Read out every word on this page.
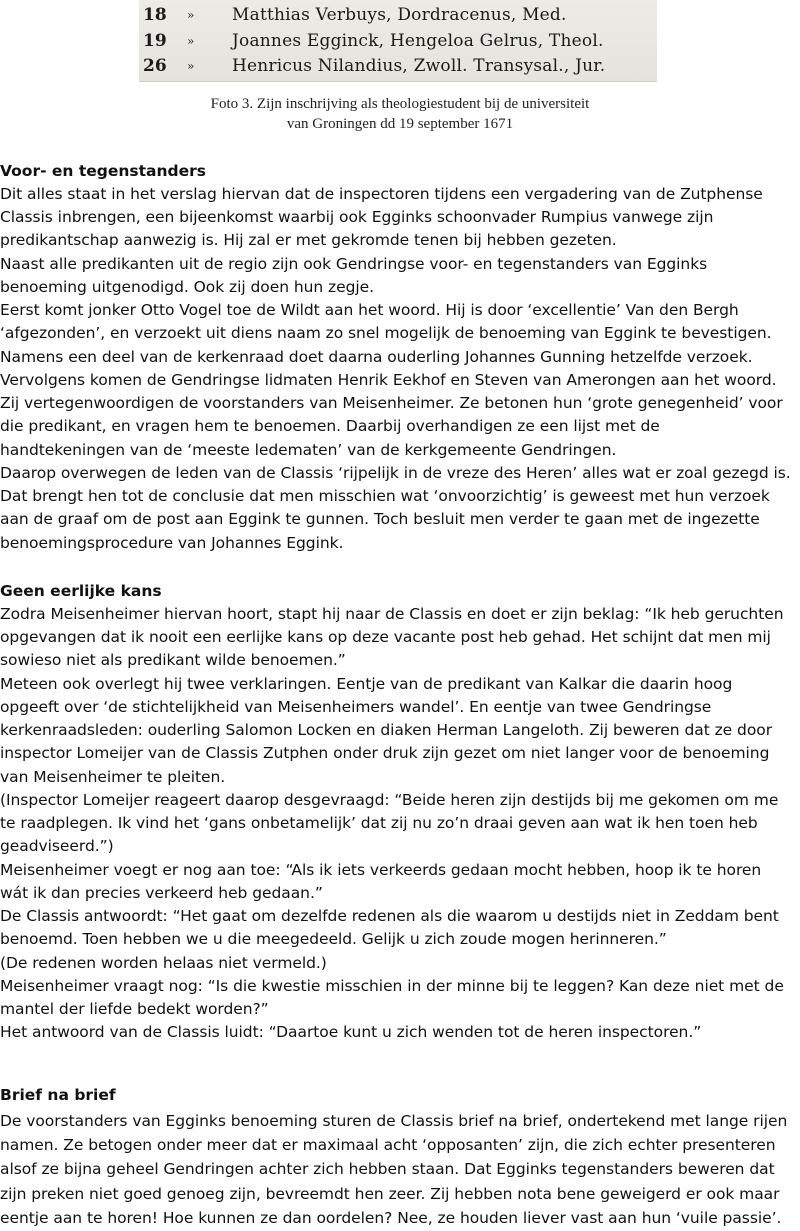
18 » Matthias Verbuys, Dordracenus, Med.
19 » Joannes Egginck, Hengeloa Gelrus, Theol.
26 » Henricus Nilandius, Zwoll. Transysal., Jur.
Foto 3. Zijn inschrijving als theologiestudent bij de universiteit
van Groningen dd 19 september 1671
Voor- en tegenstanders
Dit alles staat in het verslag hiervan dat de inspectoren tijdens een vergadering van de Zutphense
Classis inbrengen, een bijeenkomst waarbij ook Egginks schoonvader Rumpius vanwege zijn
predikantschap aanwezig is. Hij zal er met gekromde tenen bij hebben gezeten.
Naast alle predikanten uit de regio zijn ook Gendringse voor- en tegenstanders van Egginks
benoeming uitgenodigd. Ook zij doen hun zegje.
Eerst komt jonker Otto Vogel toe de Wildt aan het woord. Hij is door ‘excellentie’ Van den Bergh
‘afgezonden’, en verzoekt uit diens naam zo snel mogelijk de benoeming van Eggink te bevestigen.
Namens een deel van de kerkenraad doet daarna ouderling Johannes Gunning hetzelfde verzoek.
Vervolgens komen de Gendringse lidmaten Henrik Eekhof en Steven van Amerongen aan het woord.
Zij vertegenwoordigen de voorstanders van Meisenheimer. Ze betonen hun ‘grote genegenheid’ voor
die predikant, en vragen hem te benoemen. Daarbij overhandigen ze een lijst met de
handtekeningen van de ‘meeste ledematen’ van de kerkgemeente Gendringen.
Daarop overwegen de leden van de Classis ‘rijpelijk in de vreze des Heren’ alles wat er zoal gezegd is.
Dat brengt hen tot de conclusie dat men misschien wat ‘onvoorzichtig’ is geweest met hun verzoek
aan de graaf om de post aan Eggink te gunnen. Toch besluit men verder te gaan met de ingezette
benoemingsprocedure van Johannes Eggink.
Geen eerlijke kans
Zodra Meisenheimer hiervan hoort, stapt hij naar de Classis en doet er zijn beklag: “Ik heb geruchten
opgevangen dat ik nooit een eerlijke kans op deze vacante post heb gehad. Het schijnt dat men mij
sowieso niet als predikant wilde benoemen.”
Meteen ook overlegt hij twee verklaringen. Eentje van de predikant van Kalkar die daarin hoog
opgeeft over ‘de stichtelijkheid van Meisenheimers wandel’. En eentje van twee Gendringse
kerkenraadsleden: ouderling Salomon Locken en diaken Herman Langeloth. Zij beweren dat ze door
inspector Lomeijer van de Classis Zutphen onder druk zijn gezet om niet langer voor de benoeming
van Meisenheimer te pleiten.
(Inspector Lomeijer reageert daarop desgevraagd: “Beide heren zijn destijds bij me gekomen om me
te raadplegen. Ik vind het ‘gans onbetamelijk’ dat zij nu zo’n draai geven aan wat ik hen toen heb
geadviseerd.”)
Meisenheimer voegt er nog aan toe: “Als ik iets verkeerds gedaan mocht hebben, hoop ik te horen
wát ik dan precies verkeerd heb gedaan.”
De Classis antwoordt: “Het gaat om dezelfde redenen als die waarom u destijds niet in Zeddam bent
benoemd. Toen hebben we u die meegedeeld. Gelijk u zich zoude mogen herinneren.”
(De redenen worden helaas niet vermeld.)
Meisenheimer vraagt nog: “Is die kwestie misschien in der minne bij te leggen? Kan deze niet met de
mantel der liefde bedekt worden?”
Het antwoord van de Classis luidt: “Daartoe kunt u zich wenden tot de heren inspectoren.”
Brief na brief
De voorstanders van Egginks benoeming sturen de Classis brief na brief, ondertekend met lange rijen
namen. Ze betogen onder meer dat er maximaal acht ‘opposanten’ zijn, die zich echter presenteren
alsof ze bijna geheel Gendringen achter zich hebben staan. Dat Egginks tegenstanders beweren dat
zijn preken niet goed genoeg zijn, bevreemdt hen zeer. Zij hebben nota bene geweigerd er ook maar
eentje aan te horen! Hoe kunnen ze dan oordelen? Nee, ze houden liever vast aan hun ‘vuile passie’.
